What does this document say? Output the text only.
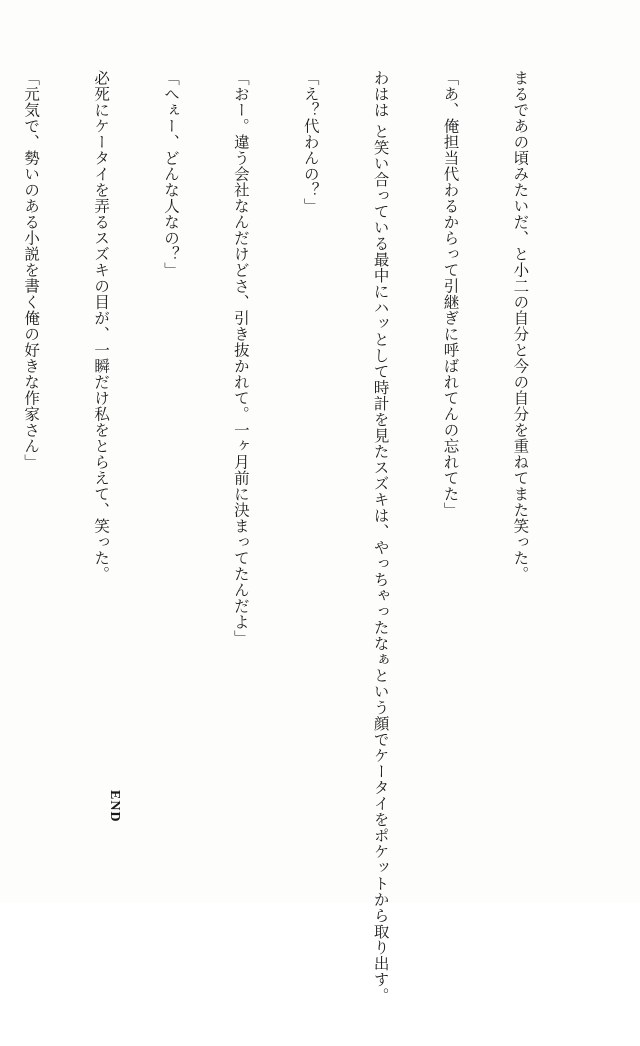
まるであの頃みたいだ、と小二の自分と今の自分を重ねてまた笑った。

「あ、俺担当代わるからって引継ぎに呼ばれてんの忘れてた」

わはは と笑い合っている最中にハッとして時計を見たスズキは、やっちゃったなぁという顔でケータイをポケットから取り出す。

「え？代わんの？」

「おー。違う会社なんだけどさ、引き抜かれて。一ヶ月前に決まってたんだよ」

「へぇー、どんな人なの？」

必死にケータイを弄るスズキの目が、一瞬だけ私をとらえて、笑った。

「元気で、勢いのある小説を書く俺の好きな作家さん」

END
